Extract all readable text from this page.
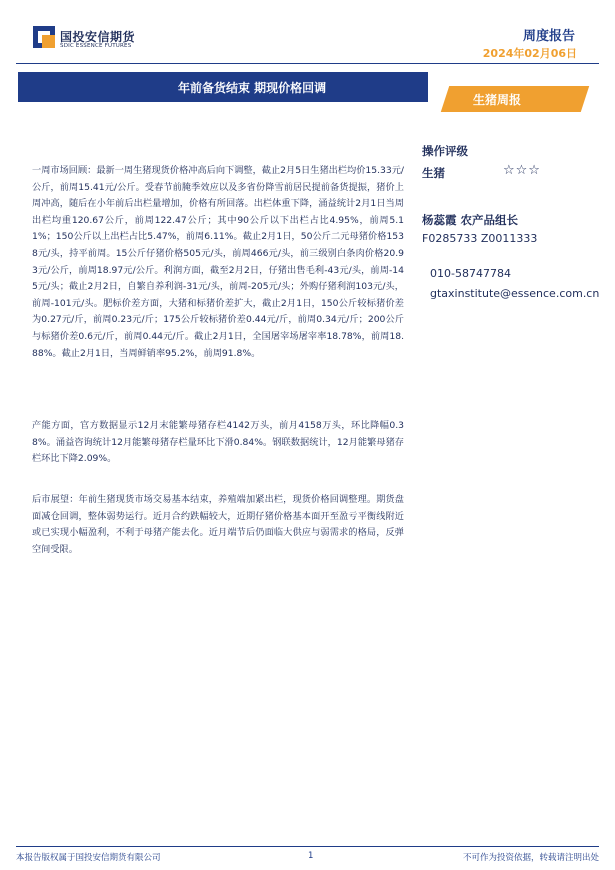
国投安信期货
SDIC ESSENCE FUTURES
周度报告
2024年02月06日
年前备货结束 期现价格回调
生猪周报
一周市场回顾：最新一周生猪现货价格冲高后向下调整，截止2月5日生猪出栏均价15.33元/公斤，前周15.41元/公斤。受春节前腌季效应以及多省份降雪前居民提前备货提振，猪价上周冲高，随后在小年前后出栏量增加，价格有所回落。出栏体重下降，涌益统计2月1日当周出栏均重120.67公斤，前周122.47公斤；其中90公斤以下出栏占比4.95%，前周5.11%；150公斤以上出栏占比5.47%，前周6.11%。截止2月1日，50公斤二元母猪价格1538元/头，持平前周。15公斤仔猪价格505元/头，前周466元/头，前三级别白条肉价格20.93元/公斤，前周18.97元/公斤。利润方面，截至2月2日，仔猪出售毛利-43元/头，前周-145元/头；截止2月2日，自繁自养利润-31元/头，前周-205元/头；外购仔猪利润103元/头，前周-101元/头。肥标价差方面，大猪和标猪价差扩大，截止2月1日，150公斤较标猪价差为0.27元/斤，前周0.23元/斤；175公斤较标猪价差0.44元/斤，前周0.34元/斤；200公斤与标猪价差0.6元/斤，前周0.44元/斤。截止2月1日，全国屠宰场屠宰率18.78%，前周18.88%。截止2月1日，当周鲜销率95.2%，前周91.8%。
产能方面，官方数据显示12月末能繁母猪存栏4142万头，前月4158万头，环比降幅0.38%。涌益咨询统计12月能繁母猪存栏量环比下滑0.84%。钢联数据统计，12月能繁母猪存栏环比下降2.09%。
后市展望：年前生猪现货市场交易基本结束，养殖端加紧出栏，现货价格回调整理。期货盘面减仓回调，整体弱势运行。近月合约跌幅较大，近期仔猪价格基本面开至盈亏平衡线附近或已实现小幅盈利，不利于母猪产能去化。近月端节后仍面临大供应与弱需求的格局，反弹空间受限。
操作评级
生猪	☆☆☆
杨蕊霞 农产品组长
F0285733 Z0011333
010-58747784
gtaxinstitute@essence.com.cn
本报告版权属于国投安信期货有限公司	1	不可作为投资依据，转载请注明出处
